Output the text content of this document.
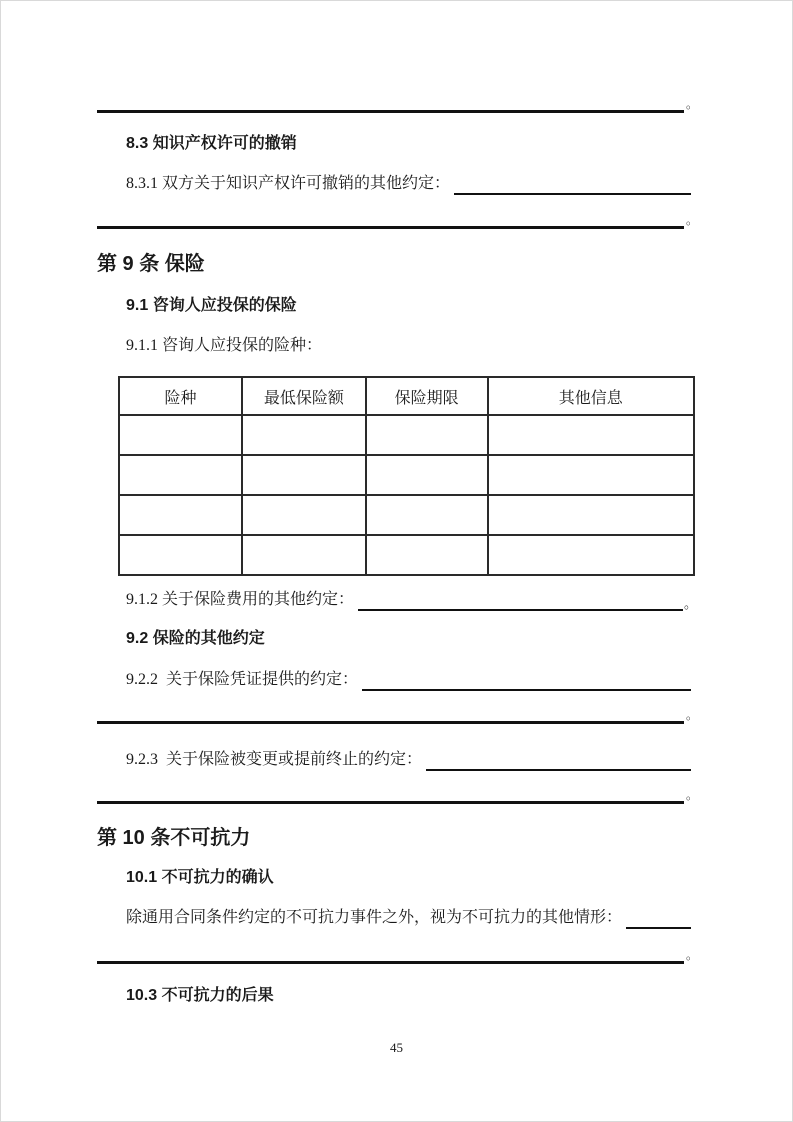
。
8.3 知识产权许可的撤销
8.3.1 双方关于知识产权许可撤销的其他约定：
。
第 9 条 保险
9.1 咨询人应投保的保险
9.1.1 咨询人应投保的险种：
险种	最低保险额	保险期限	其他信息

9.1.2 关于保险费用的其他约定：	。
9.2 保险的其他约定
9.2.2  关于保险凭证提供的约定：
。
9.2.3  关于保险被变更或提前终止的约定：
。
第 10 条不可抗力
10.1 不可抗力的确认
除通用合同条件约定的不可抗力事件之外，视为不可抗力的其他情形：
。
10.3 不可抗力的后果
45
